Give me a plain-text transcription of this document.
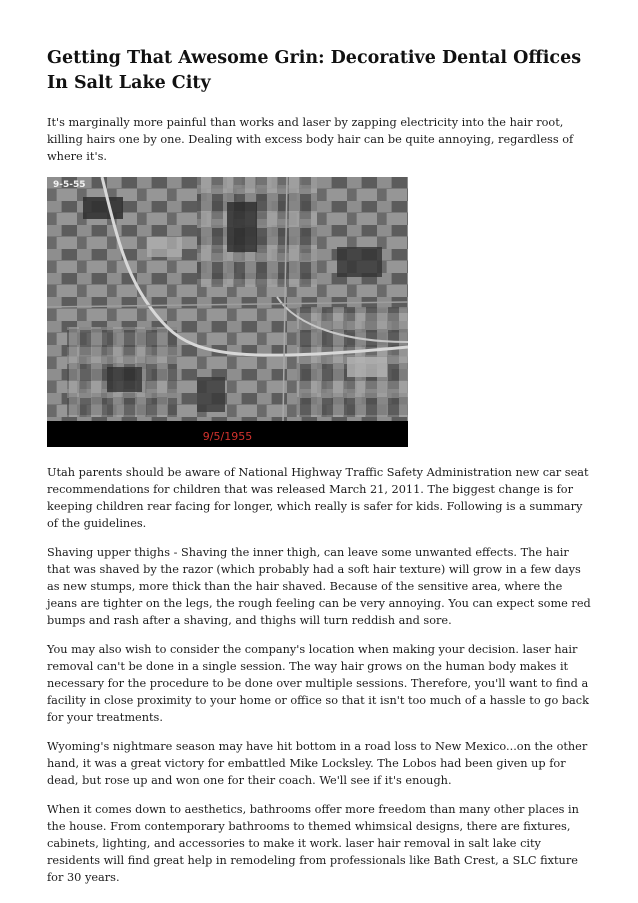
Getting That Awesome Grin: Decorative Dental Offices In Salt Lake City

It's marginally more painful than works and laser by zapping electricity into the hair root, killing hairs one by one. Dealing with excess body hair can be quite annoying, regardless of where it's.

9-5-55
$_{9/5/1955}$

Utah parents should be aware of National Highway Traffic Safety Administration new car seat recommendations for children that was released March 21, 2011. The biggest change is for keeping children rear facing for longer, which really is safer for kids. Following is a summary of the guidelines.

Shaving upper thighs - Shaving the inner thigh, can leave some unwanted effects. The hair that was shaved by the razor (which probably had a soft hair texture) will grow in a few days as new stumps, more thick than the hair shaved. Because of the sensitive area, where the jeans are tighter on the legs, the rough feeling can be very annoying. You can expect some red bumps and rash after a shaving, and thighs will turn reddish and sore.

You may also wish to consider the company's location when making your decision. laser hair removal can't be done in a single session. The way hair grows on the human body makes it necessary for the procedure to be done over multiple sessions. Therefore, you'll want to find a facility in close proximity to your home or office so that it isn't too much of a hassle to go back for your treatments.

Wyoming's nightmare season may have hit bottom in a road loss to New Mexico...on the other hand, it was a great victory for embattled Mike Locksley. The Lobos had been given up for dead, but rose up and won one for their coach. We'll see if it's enough.

When it comes down to aesthetics, bathrooms offer more freedom than many other places in the house. From contemporary bathrooms to themed whimsical designs, there are fixtures, cabinets, lighting, and accessories to make it work. laser hair removal in salt lake city residents will find great help in remodeling from professionals like Bath Crest, a SLC fixture for 30 years.
